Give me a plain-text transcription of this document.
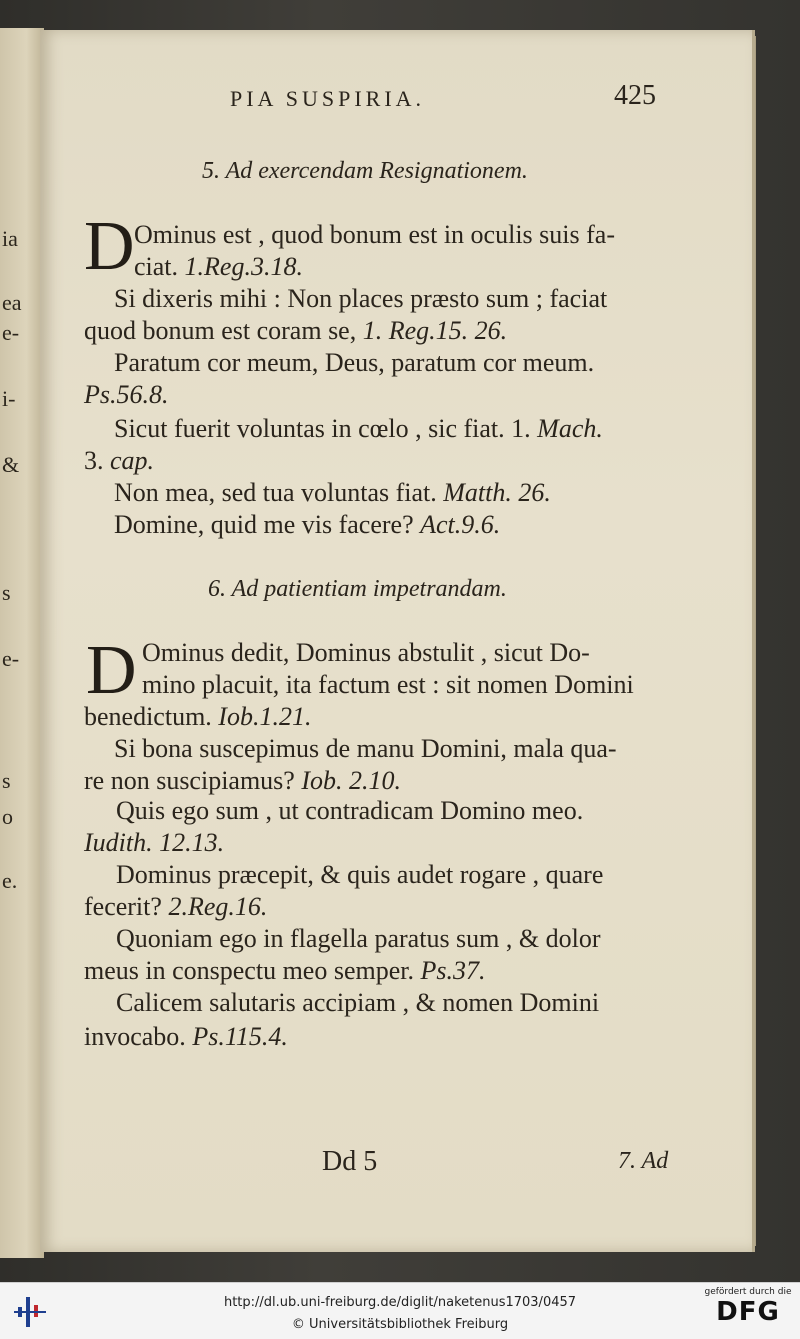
ia
ea
e-
i-
&
s
e-
s
o
e.
PIA SUSPIRIA.	425
5. Ad exercendam Resignationem.
D Ominus est , quod bonum est in oculis suis fa-
ciat. 1.Reg.3.18.
Si dixeris mihi : Non places præsto sum ; faciat
quod bonum est coram se, 1. Reg.15. 26.
Paratum cor meum, Deus, paratum cor meum.
Ps.56.8.
Sicut fuerit voluntas in cœlo , sic fiat. 1. Mach.
3. cap.
Non mea, sed tua voluntas fiat. Matth. 26.
Domine, quid me vis facere? Act.9.6.
6. Ad patientiam impetrandam.
D Ominus dedit, Dominus abstulit , sicut Do-
mino placuit, ita factum est : sit nomen Domini
benedictum. Iob.1.21.
Si bona suscepimus de manu Domini, mala qua-
re non suscipiamus? Iob. 2.10.
Quis ego sum , ut contradicam Domino meo.
Iudith. 12.13.
Dominus præcepit, & quis audet rogare , quare
fecerit? 2.Reg.16.
Quoniam ego in flagella paratus sum , & dolor
meus in conspectu meo semper. Ps.37.
Calicem salutaris accipiam , & nomen Domini
invocabo. Ps.115.4.
Dd 5	7. Ad
http://dl.ub.uni-freiburg.de/diglit/naketenus1703/0457
© Universitätsbibliothek Freiburg
gefördert durch die
DFG
